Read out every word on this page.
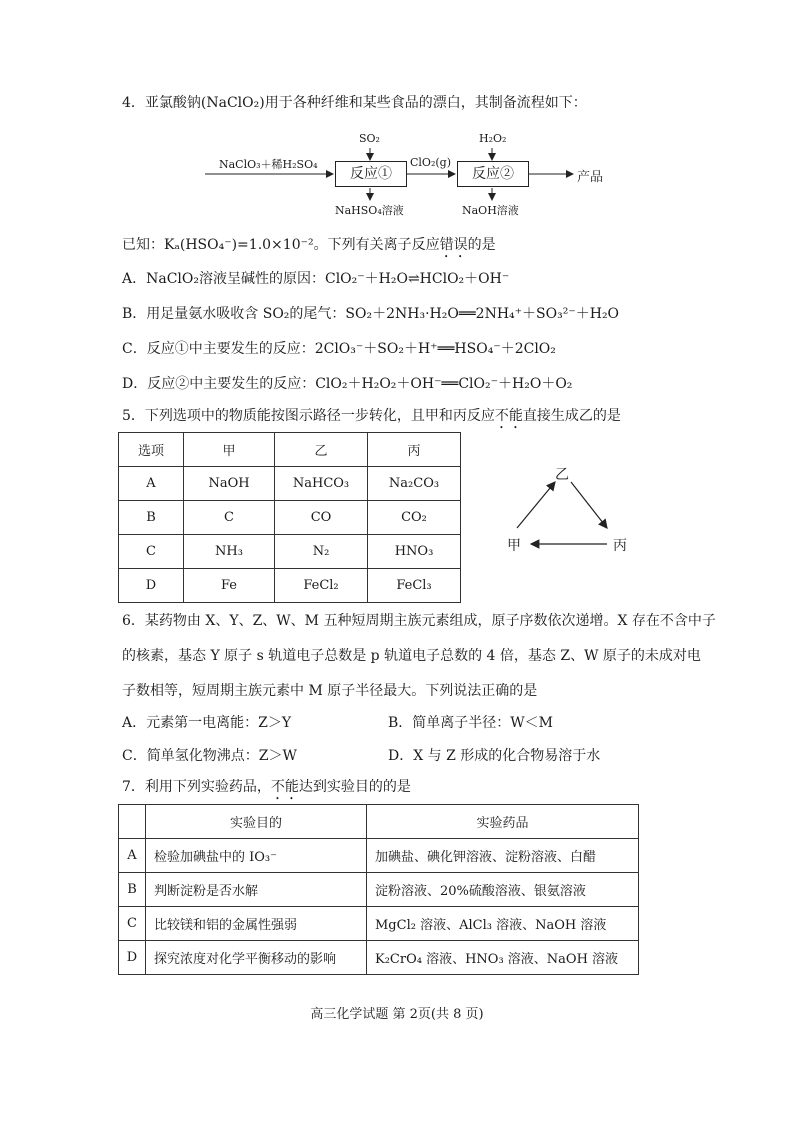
4．亚氯酸钠(NaClO₂)用于各种纤维和某些食品的漂白，其制备流程如下：
NaClO₃＋稀H₂SO₄
反应①
SO₂
NaHSO₄溶液
ClO₂(g)
反应②
H₂O₂
NaOH溶液
产品
已知：Kₐ(HSO₄⁻)=1.0×10⁻²。下列有关离子反应错误的是
A．NaClO₂溶液呈碱性的原因：ClO₂⁻＋H₂O⇌HClO₂＋OH⁻
B．用足量氨水吸收含 SO₂的尾气：SO₂＋2NH₃·H₂O══2NH₄⁺＋SO₃²⁻＋H₂O
C．反应①中主要发生的反应：2ClO₃⁻＋SO₂＋H⁺══HSO₄⁻＋2ClO₂
D．反应②中主要发生的反应：ClO₂＋H₂O₂＋OH⁻══ClO₂⁻＋H₂O＋O₂
5．下列选项中的物质能按图示路径一步转化，且甲和丙反应不能直接生成乙的是
选项	甲	乙	丙
A	NaOH	NaHCO₃	Na₂CO₃
B	C	CO	CO₂
C	NH₃	N₂	HNO₃
D	Fe	FeCl₂	FeCl₃
乙
甲	丙
6．某药物由 X、Y、Z、W、M 五种短周期主族元素组成，原子序数依次递增。X 存在不含中子
的核素，基态 Y 原子 s 轨道电子总数是 p 轨道电子总数的 4 倍，基态 Z、W 原子的未成对电
子数相等，短周期主族元素中 M 原子半径最大。下列说法正确的是
A．元素第一电离能：Z＞Y	B．简单离子半径：W＜M
C．简单氢化物沸点：Z＞W	D．X 与 Z 形成的化合物易溶于水
7．利用下列实验药品，不能达到实验目的的是
	实验目的	实验药品
A	检验加碘盐中的 IO₃⁻	加碘盐、碘化钾溶液、淀粉溶液、白醋
B	判断淀粉是否水解	淀粉溶液、20%硫酸溶液、银氨溶液
C	比较镁和铝的金属性强弱	MgCl₂ 溶液、AlCl₃ 溶液、NaOH 溶液
D	探究浓度对化学平衡移动的影响	K₂CrO₄ 溶液、HNO₃ 溶液、NaOH 溶液
高三化学试题 第 2页(共 8 页)
